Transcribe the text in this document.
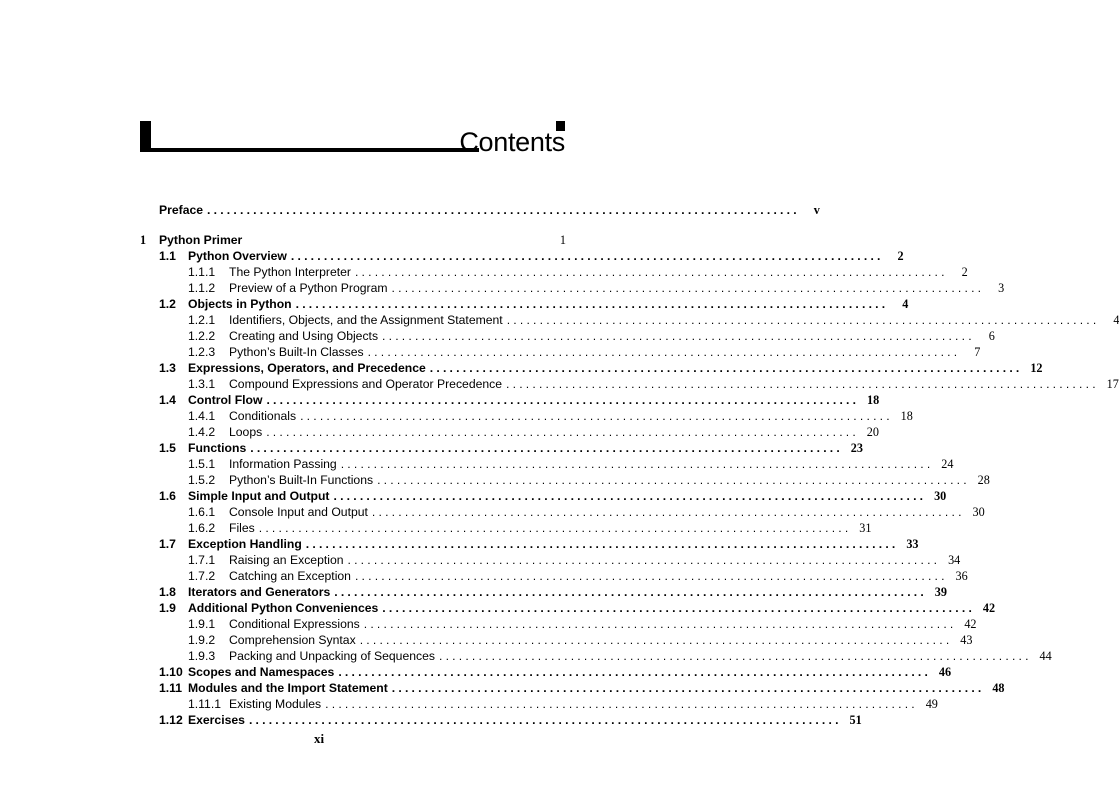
Contents
Preface ..........................................................................................	v
1	Python Primer	1
1.1 Python Overview ..........................................................................................	2
1.1.1	The Python Interpreter ..........................................................................................	2
1.1.2	Preview of a Python Program ..........................................................................................	3
1.2 Objects in Python ..........................................................................................	4
1.2.1	Identifiers, Objects, and the Assignment Statement ..........................................................................................	4
1.2.2	Creating and Using Objects ..........................................................................................	6
1.2.3	Python’s Built-In Classes ..........................................................................................	7
1.3 Expressions, Operators, and Precedence .......................................................................................... 12
1.3.1	Compound Expressions and Operator Precedence .......................................................................................... 17
1.4 Control Flow .......................................................................................... 18
1.4.1	Conditionals .......................................................................................... 18
1.4.2	Loops .......................................................................................... 20
1.5 Functions .......................................................................................... 23
1.5.1	Information Passing .......................................................................................... 24
1.5.2	Python’s Built-In Functions .......................................................................................... 28
1.6 Simple Input and Output .......................................................................................... 30
1.6.1	Console Input and Output .......................................................................................... 30
1.6.2	Files .......................................................................................... 31
1.7 Exception Handling .......................................................................................... 33
1.7.1	Raising an Exception .......................................................................................... 34
1.7.2	Catching an Exception .......................................................................................... 36
1.8 Iterators and Generators .......................................................................................... 39
1.9 Additional Python Conveniences .......................................................................................... 42
1.9.1	Conditional Expressions .......................................................................................... 42
1.9.2	Comprehension Syntax .......................................................................................... 43
1.9.3	Packing and Unpacking of Sequences .......................................................................................... 44
1.10 Scopes and Namespaces .......................................................................................... 46
1.11 Modules and the Import Statement .......................................................................................... 48
1.11.1 Existing Modules .......................................................................................... 49
1.12 Exercises .......................................................................................... 51
xi
